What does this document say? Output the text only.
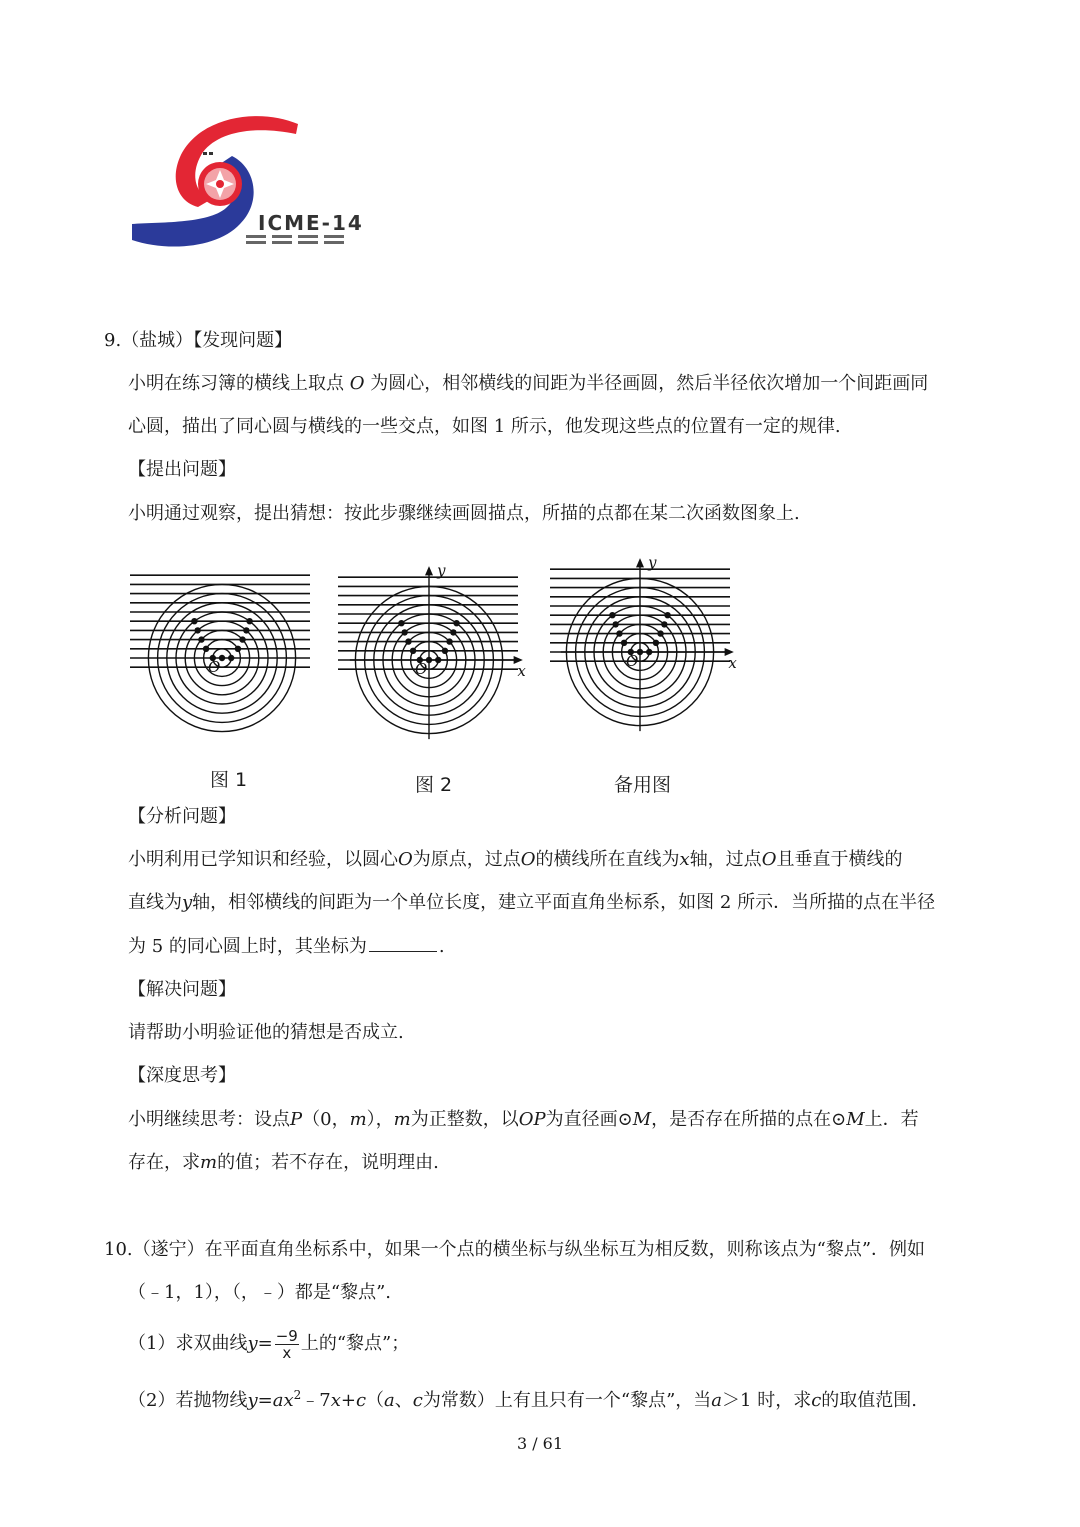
ICME-14
9.（盐城）【发现问题】
小明在练习簿的横线上取点 O 为圆心，相邻横线的间距为半径画圆，然后半径依次增加一个间距画同
心圆，描出了同心圆与横线的一些交点，如图 1 所示，他发现这些点的位置有一定的规律.
【提出问题】
小明通过观察，提出猜想：按此步骤继续画圆描点，所描的点都在某二次函数图象上.
O	O
y
x
O
y
x
图 1	图 2	备用图
【分析问题】
小明利用已学知识和经验，以圆心O为原点，过点O的横线所在直线为x轴，过点O且垂直于横线的
直线为y轴，相邻横线的间距为一个单位长度，建立平面直角坐标系，如图 2 所示．当所描的点在半径
为 5 的同心圆上时，其坐标为	.
【解决问题】
请帮助小明验证他的猜想是否成立.
【深度思考】
小明继续思考：设点P（0，m），m为正整数，以OP为直径画⊙M，是否存在所描的点在⊙M上．若
存在，求m的值；若不存在，说明理由.
10.（遂宁）在平面直角坐标系中，如果一个点的横坐标与纵坐标互为相反数，则称该点为“黎点”．例如
（﹣1，1），（，﹣）都是“黎点”.
（1）求双曲线$y= \frac{-9}{x}$ 上的“黎点”；
（2）若抛物线$y=ax^2﹣7x+c(a$、c为常数）上有且只有一个“黎点”，当a＞1 时，求c的取值范围.
3 / 61
